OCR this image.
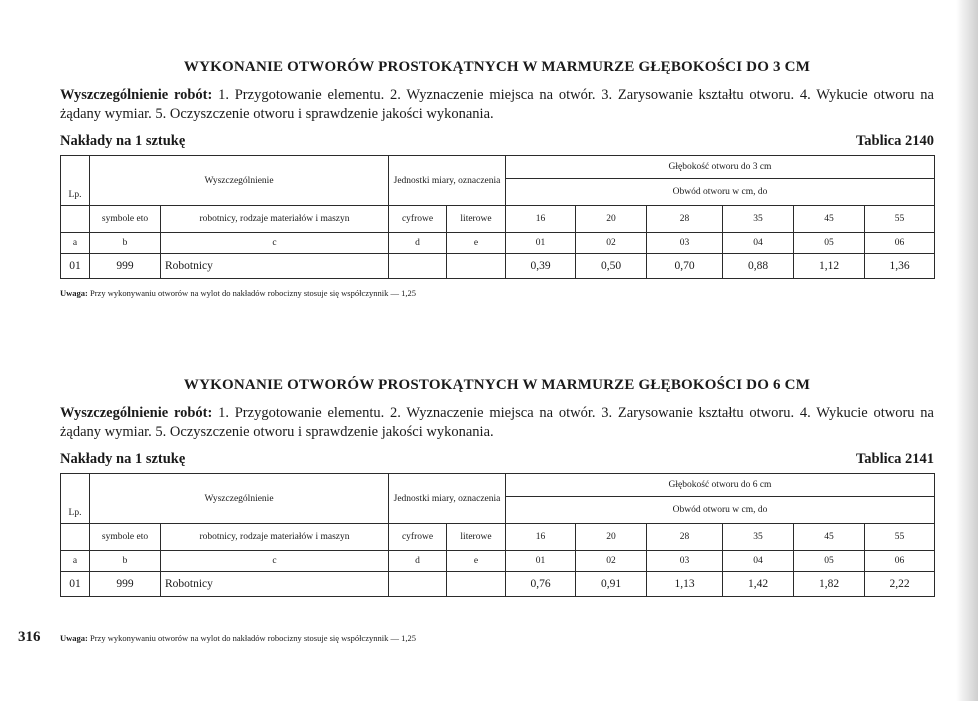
WYKONANIE OTWORÓW PROSTOKĄTNYCH W MARMURZE GŁĘBOKOŚCI DO 3 CM

Wyszczególnienie robót: 1. Przygotowanie elementu. 2. Wyznaczenie miejsca na otwór. 3. Zarysowanie kształtu otworu. 4. Wykucie otworu na żądany wymiar. 5. Oczyszczenie otworu i sprawdzenie jakości wykonania.

Nakłady na 1 sztukę	Tablica 2140
Lp.	Wyszczególnienie		Jednostki miary, oznaczenia		Głębokość otworu do 3 cm					
					Obwód otworu w cm, do					
	symbole eto	robotnicy, rodzaje materiałów i maszyn	cyfrowe	literowe	16	20	28	35	45	55
a	b	c	d	e	01	02	03	04	05	06
01	999	Robotnicy			0,39	0,50	0,70	0,88	1,12	1,36
Uwaga: Przy wykonywaniu otworów na wylot do nakładów robocizny stosuje się współczynnik — 1,25
WYKONANIE OTWORÓW PROSTOKĄTNYCH W MARMURZE GŁĘBOKOŚCI DO 6 CM

Wyszczególnienie robót: 1. Przygotowanie elementu. 2. Wyznaczenie miejsca na otwór. 3. Zarysowanie kształtu otworu. 4. Wykucie otworu na żądany wymiar. 5. Oczyszczenie otworu i sprawdzenie jakości wykonania.

Nakłady na 1 sztukę	Tablica 2141
Lp.	Wyszczególnienie		Jednostki miary, oznaczenia		Głębokość otworu do 6 cm					
					Obwód otworu w cm, do					
	symbole eto	robotnicy, rodzaje materiałów i maszyn	cyfrowe	literowe	16	20	28	35	45	55
a	b	c	d	e	01	02	03	04	05	06
01	999	Robotnicy			0,76	0,91	1,13	1,42	1,82	2,22
316 Uwaga: Przy wykonywaniu otworów na wylot do nakładów robocizny stosuje się współczynnik — 1,25
